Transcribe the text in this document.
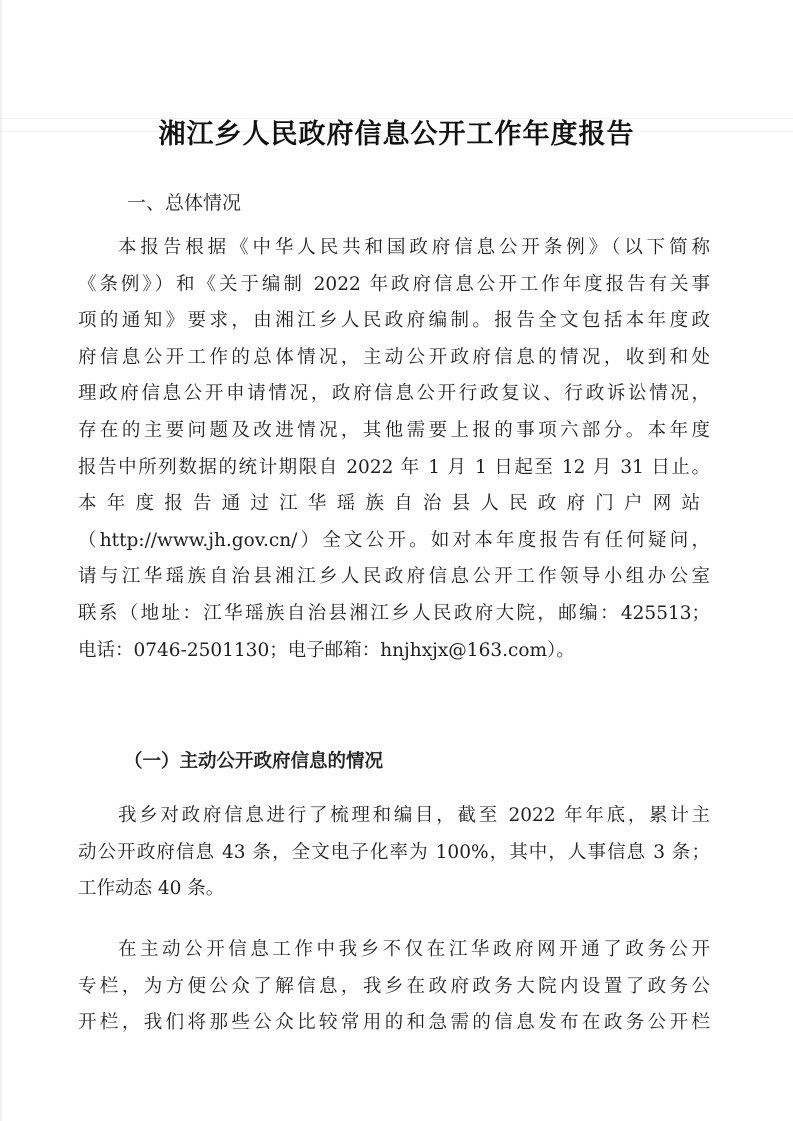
湘江乡人民政府信息公开工作年度报告
一、总体情况
本报告根据《中华人民共和国政府信息公开条例》（以下简称
《条例》）和《关于编制 2022 年政府信息公开工作年度报告有关事
项的通知》要求，由湘江乡人民政府编制。报告全文包括本年度政
府信息公开工作的总体情况，主动公开政府信息的情况，收到和处
理政府信息公开申请情况，政府信息公开行政复议、行政诉讼情况，
存在的主要问题及改进情况，其他需要上报的事项六部分。本年度
报告中所列数据的统计期限自 2022 年 1 月 1 日起至 12 月 31 日止。
本年度报告通过江华瑶族自治县人民政府门户网站
（http://www.jh.gov.cn/）全文公开。如对本年度报告有任何疑问，
请与江华瑶族自治县湘江乡人民政府信息公开工作领导小组办公室
联系（地址：江华瑶族自治县湘江乡人民政府大院，邮编：425513；
电话：0746-2501130；电子邮箱：hnjhxjx@163.com）。
（一）主动公开政府信息的情况
我乡对政府信息进行了梳理和编目，截至 2022 年年底，累计主
动公开政府信息 43 条，全文电子化率为 100%，其中，人事信息 3 条；
工作动态 40 条。
在主动公开信息工作中我乡不仅在江华政府网开通了政务公开
专栏，为方便公众了解信息，我乡在政府政务大院内设置了政务公
开栏，我们将那些公众比较常用的和急需的信息发布在政务公开栏
